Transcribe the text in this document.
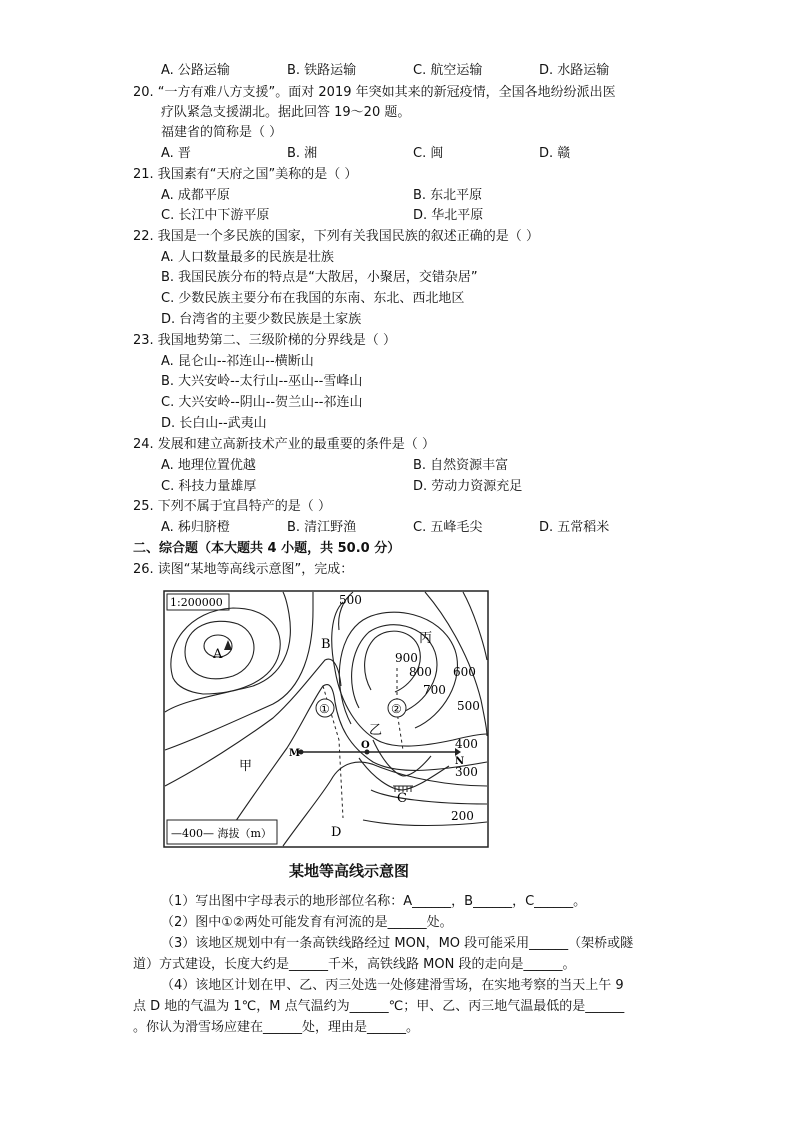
A. 公路运输	B. 铁路运输	C. 航空运输	D. 水路运输
20. “一方有难八方支援”。面对 2019 年突如其来的新冠疫情，全国各地纷纷派出医
疗队紧急支援湖北。据此回答 19～20 题。
福建省的简称是（ ）
A. 晋	B. 湘	C. 闽	D. 赣
21. 我国素有“天府之国”美称的是（ ）
A. 成都平原	B. 东北平原
C. 长江中下游平原	D. 华北平原
22. 我国是一个多民族的国家，下列有关我国民族的叙述正确的是（ ）
A. 人口数量最多的民族是壮族
B. 我国民族分布的特点是“大散居，小聚居，交错杂居”
C. 少数民族主要分布在我国的东南、东北、西北地区
D. 台湾省的主要少数民族是土家族
23. 我国地势第二、三级阶梯的分界线是（ ）
A. 昆仑山--祁连山--横断山
B. 大兴安岭--太行山--巫山--雪峰山
C. 大兴安岭--阴山--贺兰山--祁连山
D. 长白山--武夷山
24. 发展和建立高新技术产业的最重要的条件是（ ）
A. 地理位置优越	B. 自然资源丰富
C. 科技力量雄厚	D. 劳动力资源充足
25. 下列不属于宜昌特产的是（ ）
A. 秭归脐橙	B. 清江野渔	C. 五峰毛尖	D. 五常稻米
二、综合题（本大题共 4 小题，共 50.0 分）
26. 读图“某地等高线示意图”，完成：
1:200000	500
900
800
700
600
500
400
300
200
A
B	丙
乙
①	②
M
O
N
C
D
甲
—400— 海拔（m）
某地等高线示意图
（1）写出图中字母表示的地形部位名称：A______，B______，C______。
（2）图中①②两处可能发育有河流的是______处。
（3）该地区规划中有一条高铁线路经过 MON，MO 段可能采用______（架桥或隧
道）方式建设，长度大约是______千米，高铁线路 MON 段的走向是______。
（4）该地区计划在甲、乙、丙三处选一处修建滑雪场，在实地考察的当天上午 9
点 D 地的气温为 1℃，M 点气温约为______℃；甲、乙、丙三地气温最低的是______
。你认为滑雪场应建在______处，理由是______。
